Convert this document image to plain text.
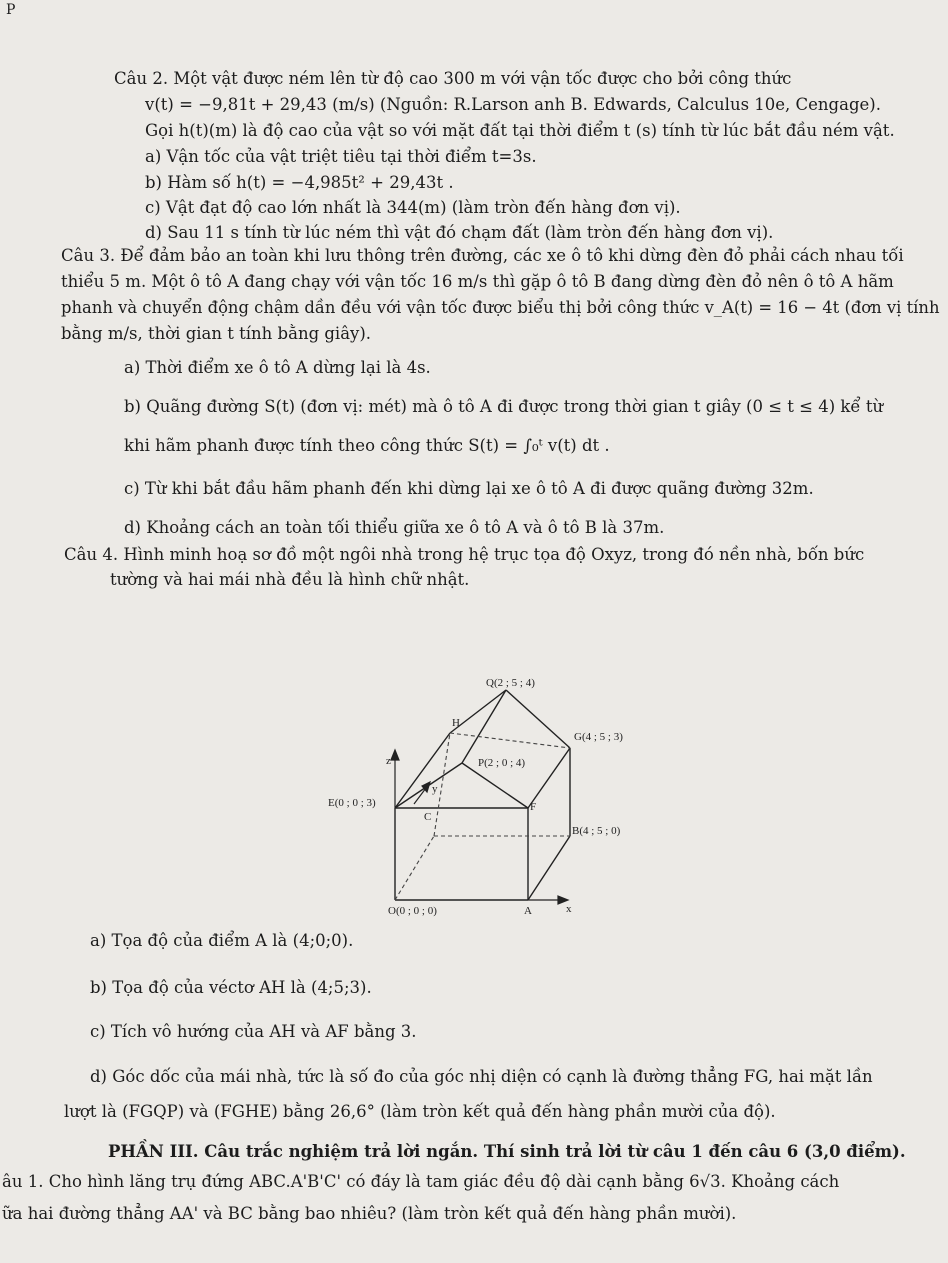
P
Câu 2. Một vật được ném lên từ độ cao 300 m với vận tốc được cho bởi công thức
v(t) = −9,81t + 29,43 (m/s) (Nguồn: R.Larson anh B. Edwards, Calculus 10e, Cengage).
Gọi h(t)(m) là độ cao của vật so với mặt đất tại thời điểm t (s) tính từ lúc bắt đầu ném vật.
a) Vận tốc của vật triệt tiêu tại thời điểm t=3s.
b) Hàm số h(t) = −4,985t² + 29,43t .
c) Vật đạt độ cao lớn nhất là 344(m) (làm tròn đến hàng đơn vị).
d) Sau 11 s tính từ lúc ném thì vật đó chạm đất (làm tròn đến hàng đơn vị).
Câu 3. Để đảm bảo an toàn khi lưu thông trên đường, các xe ô tô khi dừng đèn đỏ phải cách nhau tối
thiểu 5 m. Một ô tô A đang chạy với vận tốc 16 m/s thì gặp ô tô B đang dừng đèn đỏ nên ô tô A hãm
phanh và chuyển động chậm dần đều với vận tốc được biểu thị bởi công thức v_A(t) = 16 − 4t (đơn vị tính
bằng m/s, thời gian t tính bằng giây).
a) Thời điểm xe ô tô A dừng lại là 4s.
b) Quãng đường S(t) (đơn vị: mét) mà ô tô A đi được trong thời gian t giây (0 ≤ t ≤ 4) kể từ
khi hãm phanh được tính theo công thức S(t) = ∫₀ᵗ v(t) dt .
c) Từ khi bắt đầu hãm phanh đến khi dừng lại xe ô tô A đi được quãng đường 32m.
d) Khoảng cách an toàn tối thiểu giữa xe ô tô A và ô tô B là 37m.
Câu 4. Hình minh hoạ sơ đồ một ngôi nhà trong hệ trục tọa độ Oxyz, trong đó nền nhà, bốn bức
tường và hai mái nhà đều là hình chữ nhật.
Q(2 ; 5 ; 4)
H
G(4 ; 5 ; 3)
z	P(2 ; 0 ; 4)
y
E(0 ; 0 ; 3)
C
F
B(4 ; 5 ; 0)
O(0 ; 0 ; 0)	A	x
a) Tọa độ của điểm A là (4;0;0).
b) Tọa độ của véctơ AH là (4;5;3).
c) Tích vô hướng của AH và AF bằng 3.
d) Góc dốc của mái nhà, tức là số đo của góc nhị diện có cạnh là đường thẳng FG, hai mặt lần
lượt là (FGQP) và (FGHE) bằng 26,6° (làm tròn kết quả đến hàng phần mười của độ).
PHẦN III. Câu trắc nghiệm trả lời ngắn. Thí sinh trả lời từ câu 1 đến câu 6 (3,0 điểm).
âu 1. Cho hình lăng trụ đứng ABC.A'B'C' có đáy là tam giác đều độ dài cạnh bằng 6√3. Khoảng cách
ữa hai đường thẳng AA' và BC bằng bao nhiêu? (làm tròn kết quả đến hàng phần mười).
